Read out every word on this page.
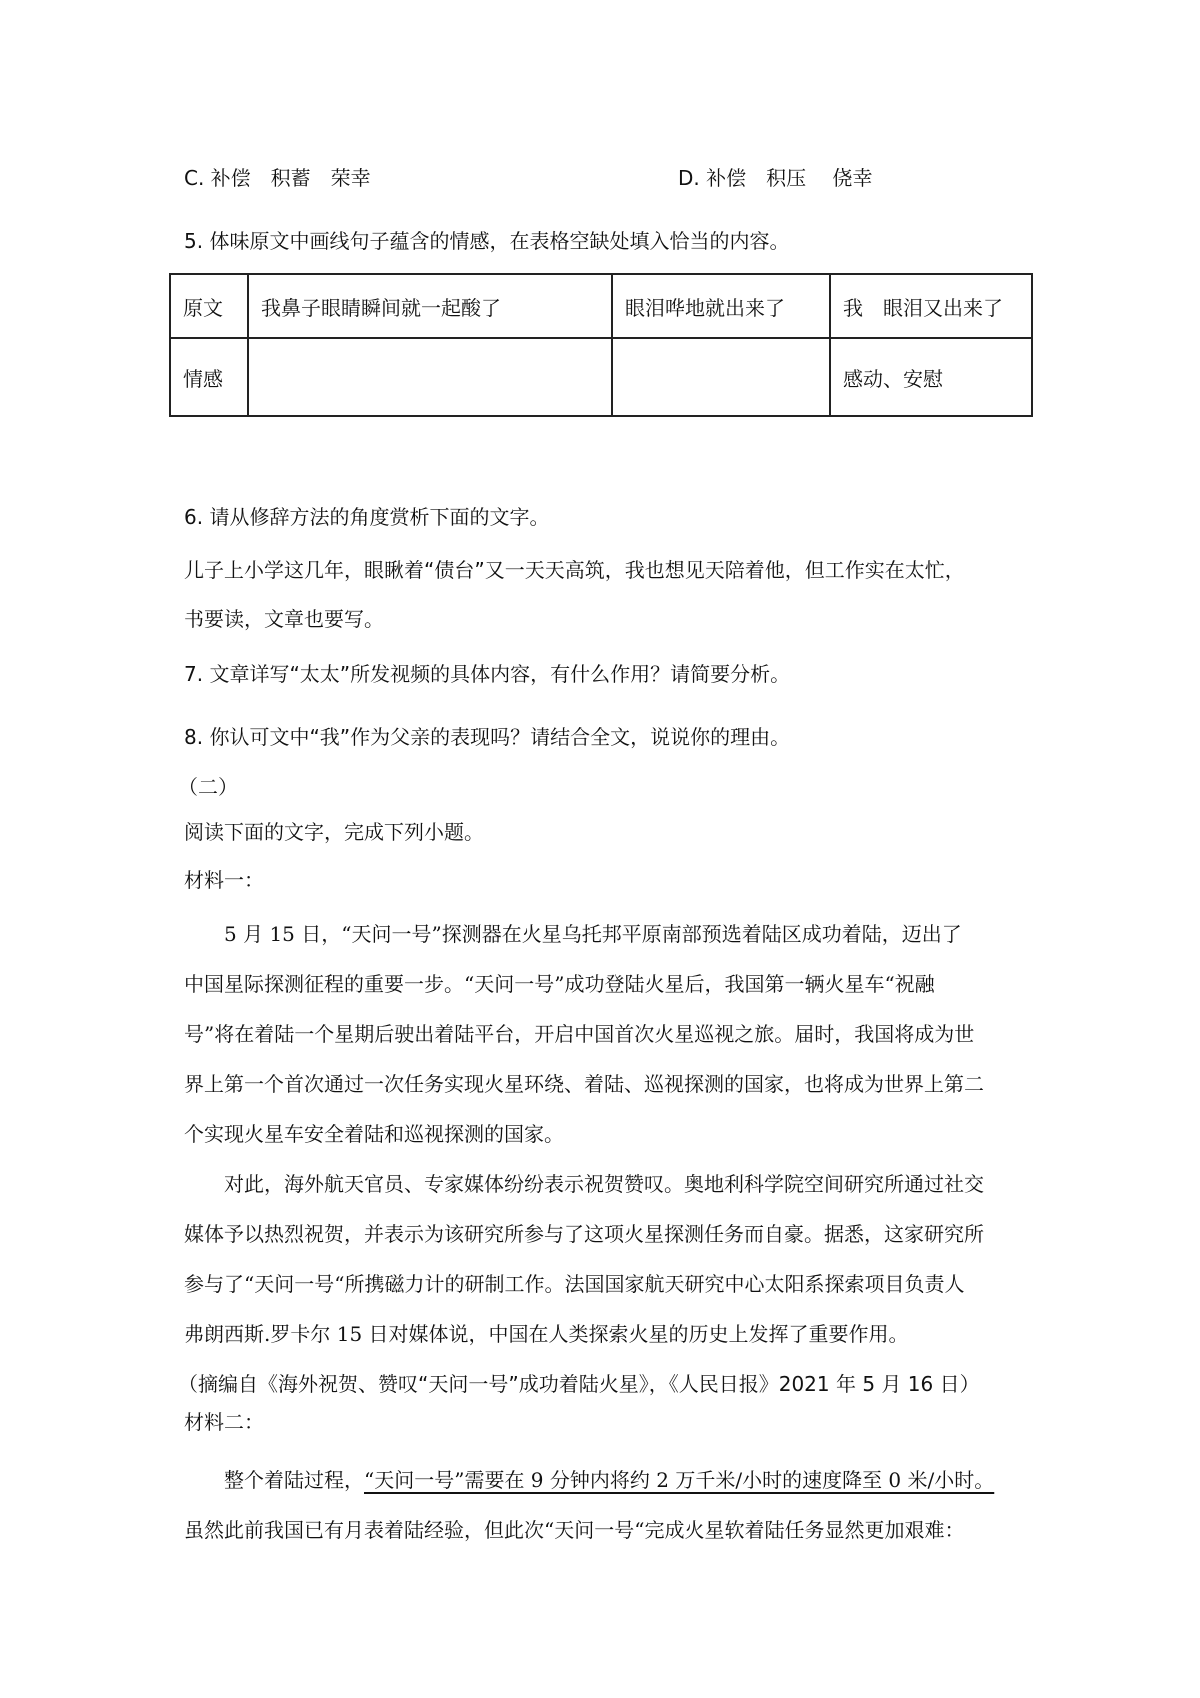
C. 补偿　积蓄　荣幸	D. 补偿　积压　 侥幸
5. 体味原文中画线句子蕴含的情感，在表格空缺处填入恰当的内容。
原文	我鼻子眼睛瞬间就一起酸了	眼泪哗地就出来了	我　眼泪又出来了
情感			感动、安慰
6. 请从修辞方法的角度赏析下面的文字。
儿子上小学这几年，眼瞅着“债台”又一天天高筑，我也想见天陪着他，但工作实在太忙，
书要读，文章也要写。
7. 文章详写“太太”所发视频的具体内容，有什么作用？请简要分析。
8. 你认可文中“我”作为父亲的表现吗？请结合全文，说说你的理由。
（二）
阅读下面的文字，完成下列小题。
材料一：
　　5 月 15 日，“天问一号”探测器在火星乌托邦平原南部预选着陆区成功着陆，迈出了
中国星际探测征程的重要一步。“天问一号”成功登陆火星后，我国第一辆火星车“祝融
号”将在着陆一个星期后驶出着陆平台，开启中国首次火星巡视之旅。届时，我国将成为世
界上第一个首次通过一次任务实现火星环绕、着陆、巡视探测的国家，也将成为世界上第二
个实现火星车安全着陆和巡视探测的国家。
　　对此，海外航天官员、专家媒体纷纷表示祝贺赞叹。奥地利科学院空间研究所通过社交
媒体予以热烈祝贺，并表示为该研究所参与了这项火星探测任务而自豪。据悉，这家研究所
参与了“天问一号“所携磁力计的研制工作。法国国家航天研究中心太阳系探索项目负责人
弗朗西斯.罗卡尔 15 日对媒体说，中国在人类探索火星的历史上发挥了重要作用。
（摘编自《海外祝贺、赞叹“天问一号”成功着陆火星》，《人民日报》2021 年 5 月 16 日）
材料二：
　　整个着陆过程，“天问一号”需要在 9 分钟内将约 2 万千米/小时的速度降至 0 米/小时。
虽然此前我国已有月表着陆经验，但此次“天问一号“完成火星软着陆任务显然更加艰难：
